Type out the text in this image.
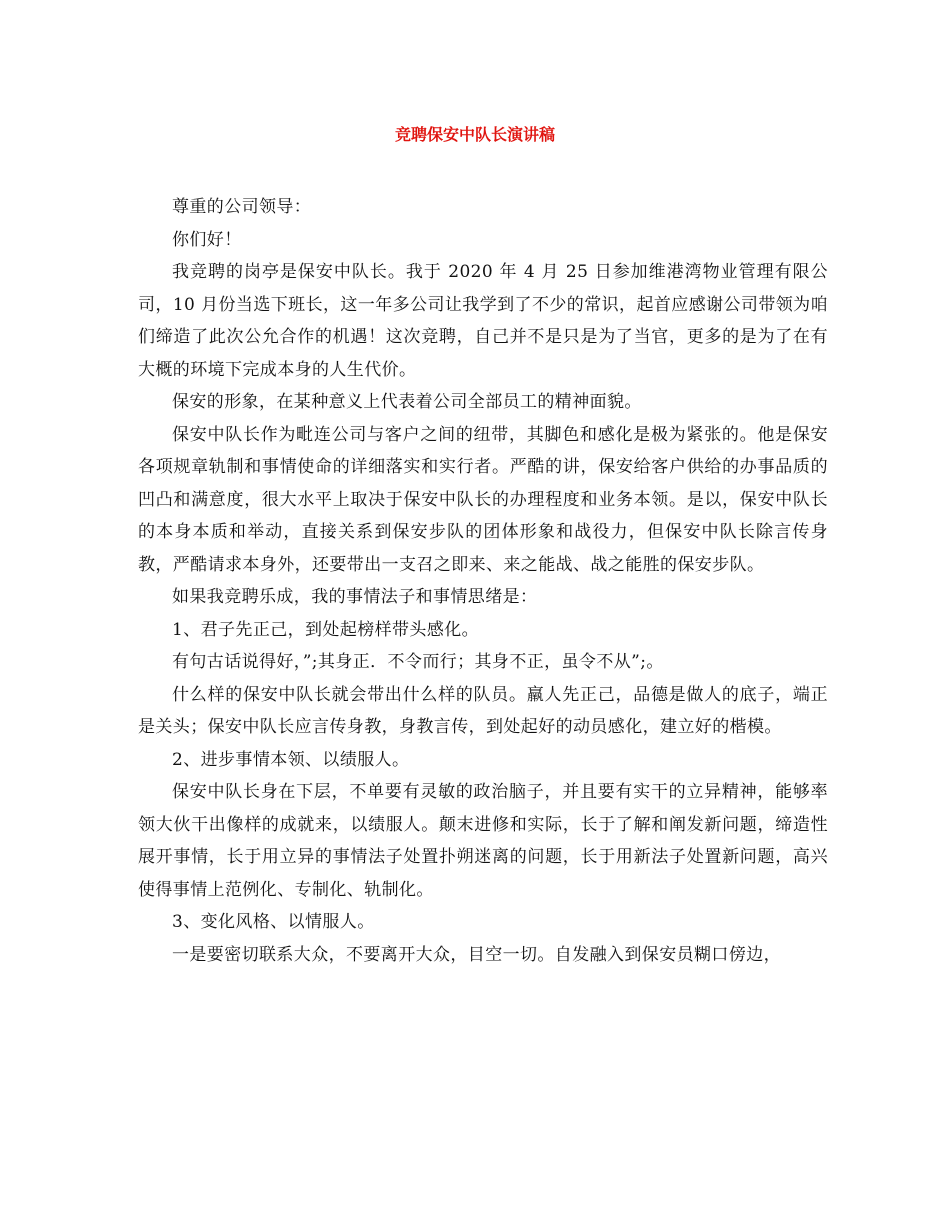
竞聘保安中队长演讲稿

尊重的公司领导：

你们好！

我竞聘的岗亭是保安中队长。我于 2020 年 4 月 25 日参加维港湾物业管理有限公司，10 月份当选下班长，这一年多公司让我学到了不少的常识，起首应感谢公司带领为咱们缔造了此次公允合作的机遇！这次竞聘，自己并不是只是为了当官，更多的是为了在有大概的环境下完成本身的人生代价。

保安的形象，在某种意义上代表着公司全部员工的精神面貌。

保安中队长作为毗连公司与客户之间的纽带，其脚色和感化是极为紧张的。他是保安各项规章轨制和事情使命的详细落实和实行者。严酷的讲，保安给客户供给的办事品质的凹凸和满意度，很大水平上取决于保安中队长的办理程度和业务本领。是以，保安中队长的本身本质和举动，直接关系到保安步队的团体形象和战役力，但保安中队长除言传身教，严酷请求本身外，还要带出一支召之即来、来之能战、战之能胜的保安步队。

如果我竞聘乐成，我的事情法子和事情思绪是：

1、君子先正己，到处起榜样带头感化。

有句古话说得好，”;其身正．不令而行；其身不正，虽令不从”;。

什么样的保安中队长就会带出什么样的队员。羸人先正己，品德是做人的底子，端正是关头；保安中队长应言传身教，身教言传，到处起好的动员感化，建立好的楷模。

2、进步事情本领、以绩服人。

保安中队长身在下层，不单要有灵敏的政治脑子，并且要有实干的立异精神，能够率领大伙干出像样的成就来，以绩服人。颠末进修和实际，长于了解和阐发新问题，缔造性展开事情，长于用立异的事情法子处置扑朔迷离的问题，长于用新法子处置新问题，高兴使得事情上范例化、专制化、轨制化。

3、变化风格、以情服人。

一是要密切联系大众，不要离开大众，目空一切。自发融入到保安员糊口傍边，
